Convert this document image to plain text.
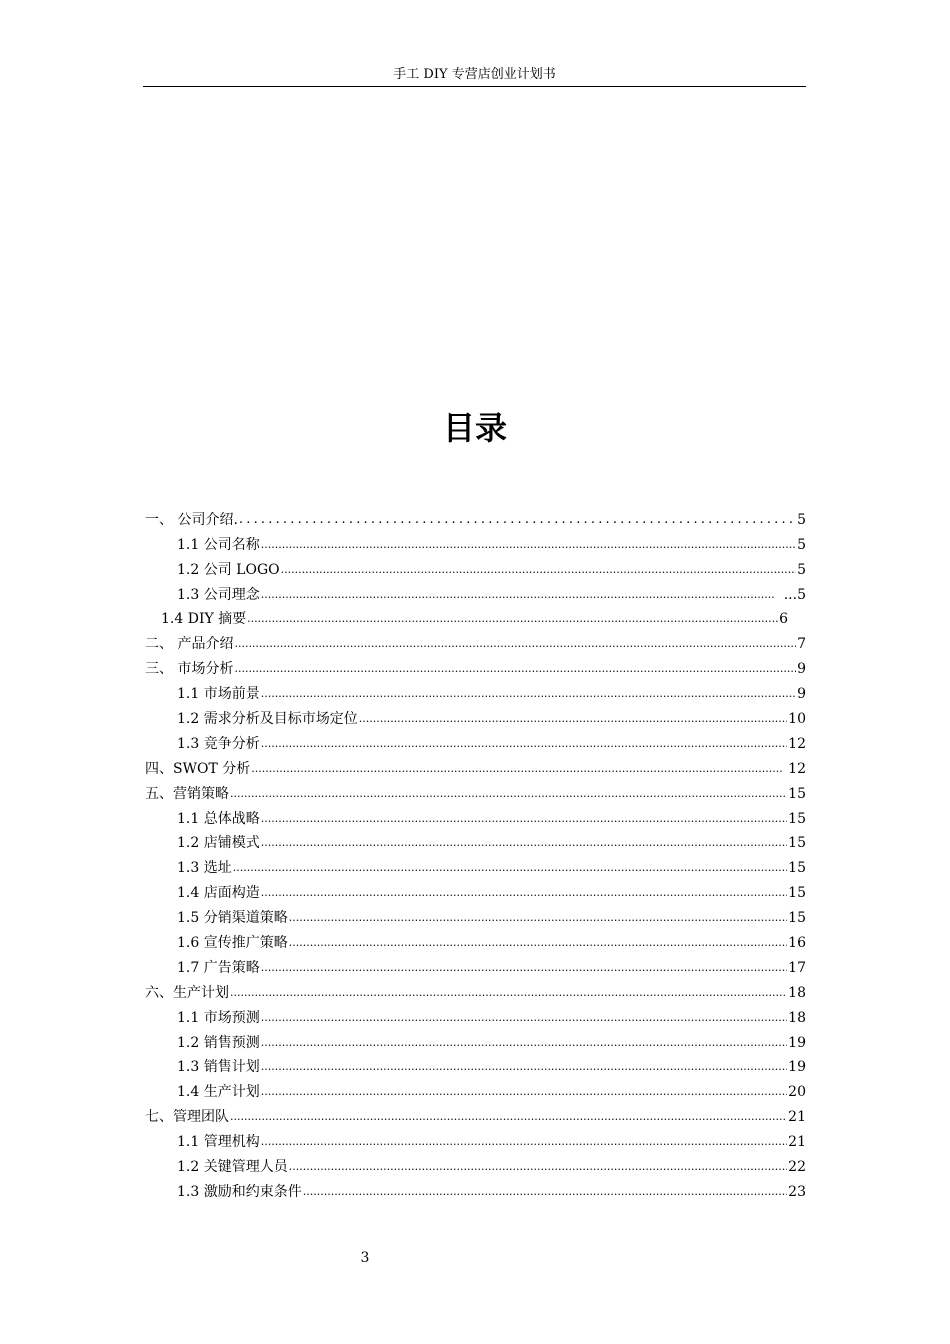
手工 DIY 专营店创业计划书
目录
一、 公司介绍. .....	5
1.1 公司名称 .....	5
1.2 公司 LOGO .....	5
1.3 公司理念 .....	...5
1.4 DIY 摘要 .....	6
二、 产品介绍 .....	7
三、 市场分析 .....	9
1.1 市场前景 .....	9
1.2 需求分析及目标市场定位 .....	10
1.3 竞争分析 .....	12
四、SWOT 分析 .....	12
五、营销策略 .....	15
1.1 总体战略 .....	15
1.2 店铺模式 .....	15
1.3 选址 .....	15
1.4 店面构造 .....	15
1.5 分销渠道策略 .....	15
1.6 宣传推广策略 .....	16
1.7 广告策略 .....	17
六、生产计划 .....	18
1.1 市场预测 .....	18
1.2 销售预测 .....	19
1.3 销售计划 .....	19
1.4 生产计划 .....	20
七、管理团队 .....	21
1.1 管理机构 .....	21
1.2 关键管理人员 .....	22
1.3 激励和约束条件 .....	23
3
